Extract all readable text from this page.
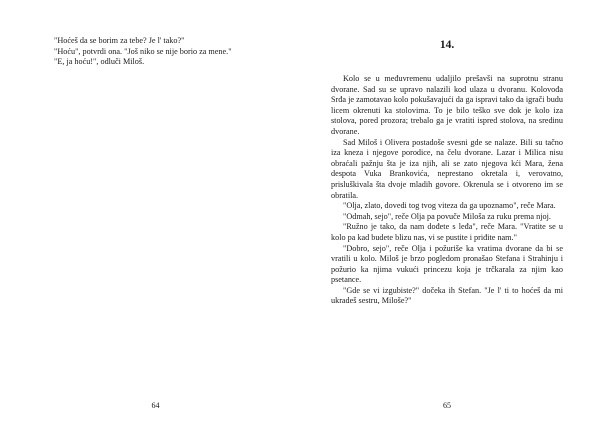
"Hoćeš da se borim za tebe? Je l' tako?"

"Hoću", potvrdi ona. "Još niko se nije borio za mene."

"E, ja hoću!", odluči Miloš.

64
14.

Kolo se u međuvremenu udaljilo prešavši na suprotnu stranu dvorane. Sad su se upravo nalazili kod ulaza u dvoranu. Kolovođa Srđa je zamotavao kolo pokušavajući da ga ispravi tako da igrači budu licem okrenuti ka stolovima. To je bilo teško sve dok je kolo iza stolova, pored prozora; trebalo ga je vratiti ispred stolova, na sredinu dvorane.

Sad Miloš i Olivera postadoše svesni gde se nalaze. Bili su tačno iza kneza i njegove porodice, na čelu dvorane. Lazar i Milica nisu obraćali pažnju šta je iza njih, ali se zato njegova kći Mara, žena despota Vuka Brankovića, neprestano okretala i, verovatno, prisluškivala šta dvoje mladih govore. Okrenula se i otvoreno im se obratila.

"Olja, zlato, dovedi tog tvog viteza da ga upoznamo", reče Mara.

"Odmah, sejo", reče Olja pa povuče Miloša za ruku prema njoj.

"Ružno je tako, da nam dođete s leđa", reče Mara. "Vratite se u kolo pa kad budete blizu nas, vi se pustite i priđite nam."

"Dobro, sejo", reče Olja i požuriše ka vratima dvorane da bi se vratili u kolo. Miloš je brzo pogledom pronašao Stefana i Strahinju i požurio ka njima vukući princezu koja je trčkarala za njim kao psetance.

"Gde se vi izgubiste?" dočeka ih Stefan. "Je l' ti to hoćeš da mi ukradeš sestru, Miloše?"

65
